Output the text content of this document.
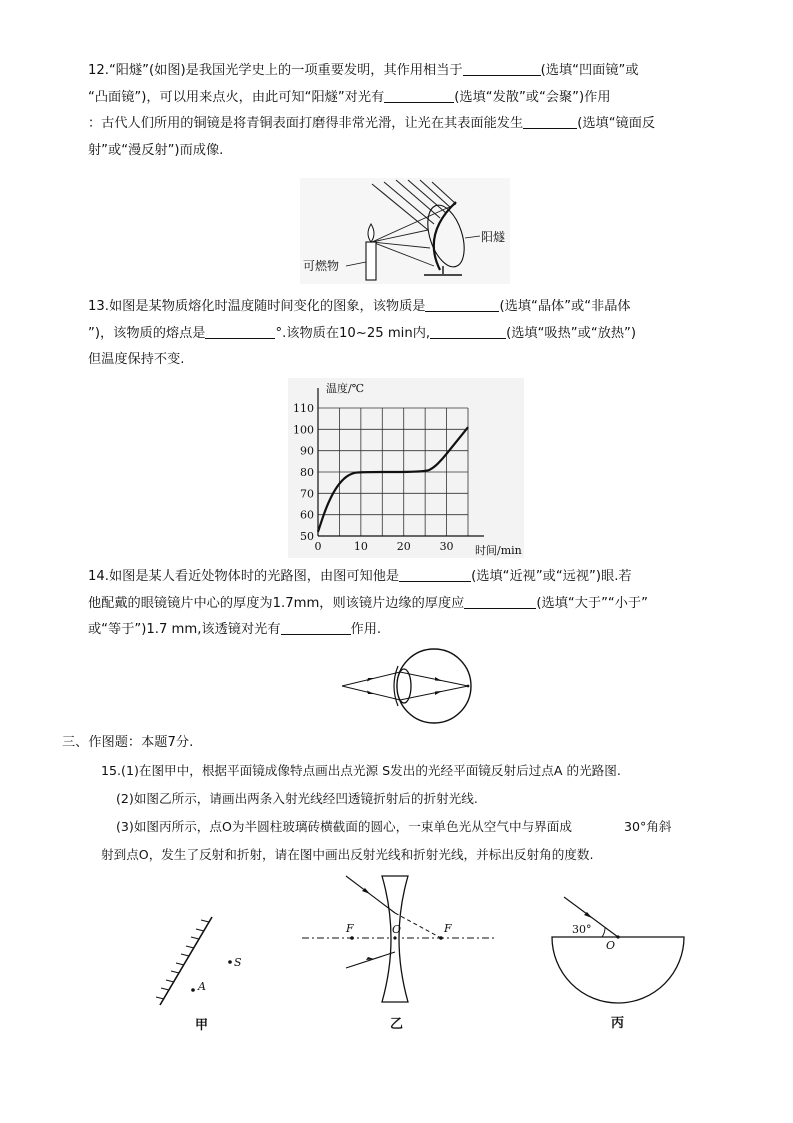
12.“阳燧”(如图)是我国光学史上的一项重要发明，其作用相当于	(选填“凹面镜”或
“凸面镜”)，可以用来点火，由此可知“阳燧”对光有	(选填“发散”或“会聚”)作用
：古代人们所用的铜镜是将青铜表面打磨得非常光滑，让光在其表面能发生	(选填“镜面反
射”或“漫反射”)而成像.
阳燧
可燃物
13.如图是某物质熔化时温度随时间变化的图象，该物质是	(选填“晶体”或“非晶体
”)，该物质的熔点是	°.该物质在10~25 min内,	(选填“吸热”或“放热”)
但温度保持不变.
50
60
70
80
90
100
110
0	10	20	30
温度/℃
时间/min
14.如图是某人看近处物体时的光路图，由图可知他是	(选填“近视”或“远视”)眼.若
他配戴的眼镜镜片中心的厚度为1.7mm，则该镜片边缘的厚度应	(选填“大于”“小于”
或“等于”)1.7 mm,该透镜对光有	作用.
三、作图题：本题7分.
15.(1)在图甲中，根据平面镜成像特点画出点光源 S发出的光经平面镜反射后过点A 的光路图.
(2)如图乙所示，请画出两条入射光线经凹透镜折射后的折射光线.
(3)如图丙所示，点O为半圆柱玻璃砖横截面的圆心，一束单色光从空气中与界面成	30°角斜
射到点O，发生了反射和折射，请在图中画出反射光线和折射光线，并标出反射角的度数.
S
A
甲
F	O	F
乙
30°
O
丙
